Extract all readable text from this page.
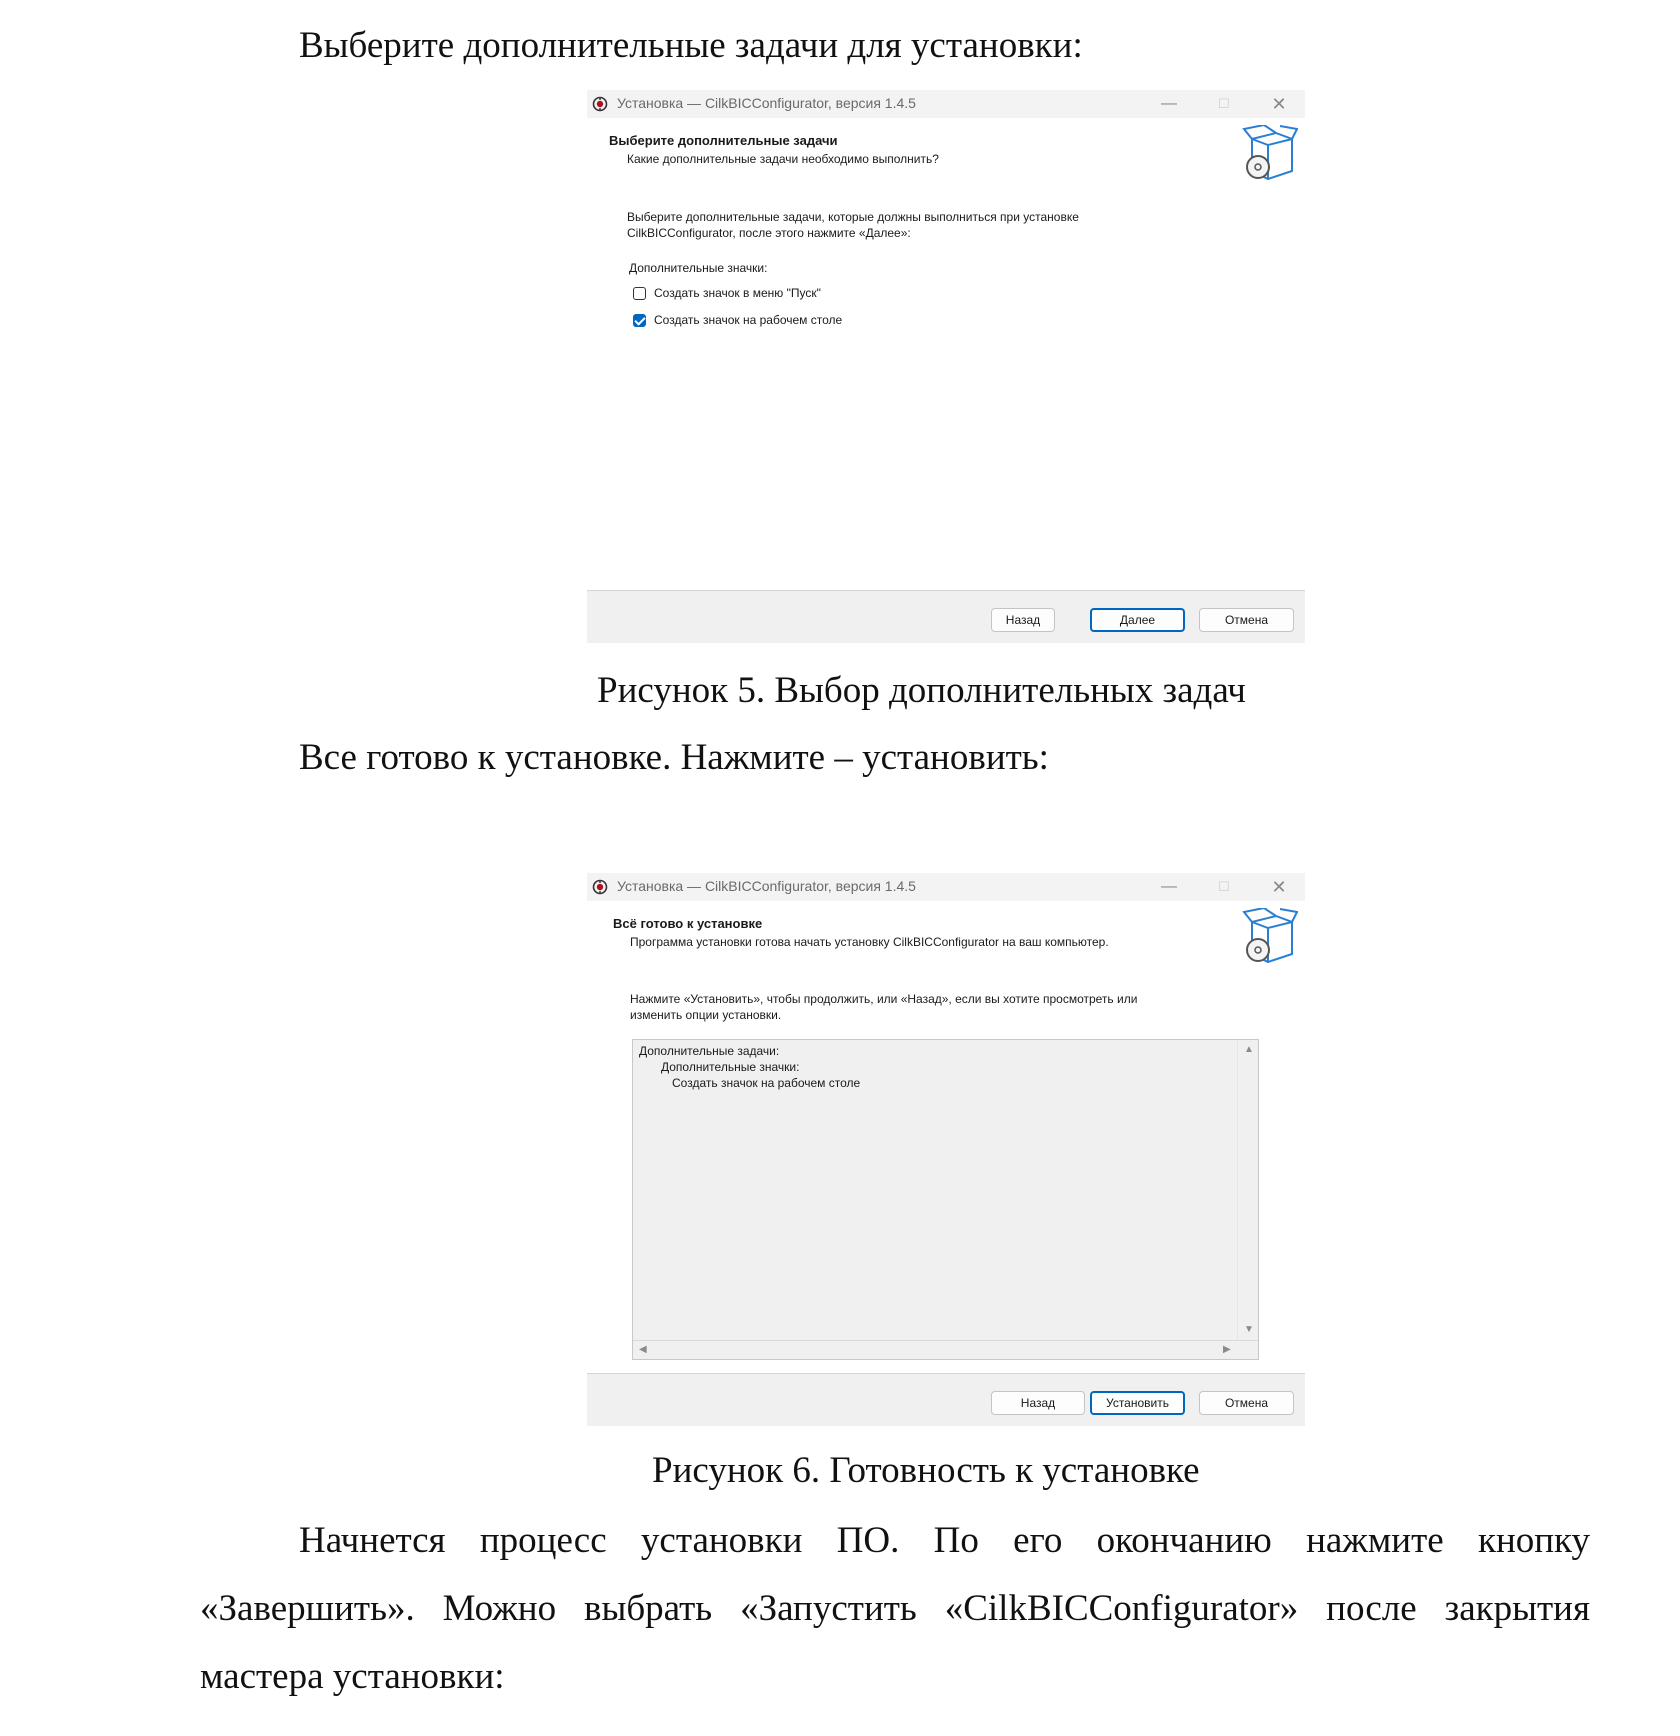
Выберите дополнительные задачи для установки:
Установка — CilkBICConfigurator, версия 1.4.5	—	☐	✕
Выберите дополнительные задачи
Какие дополнительные задачи необходимо выполнить?
Выберите дополнительные задачи, которые должны выполниться при установке
CilkBICConfigurator, после этого нажмите «Далее»:
Дополнительные значки:
Создать значок в меню "Пуск"
Создать значок на рабочем столе
Назад	Далее	Отмена
Рисунок 5. Выбор дополнительных задач
Все готово к установке. Нажмите – установить:
Установка — CilkBICConfigurator, версия 1.4.5	—	☐	✕
Всё готово к установке
Программа установки готова начать установку CilkBICConfigurator на ваш компьютер.
Нажмите «Установить», чтобы продолжить, или «Назад», если вы хотите просмотреть или
изменить опции установки.
Дополнительные задачи:
Дополнительные значки:
Создать значок на рабочем столе
▲
▼
◀	▶
Назад	Установить	Отмена
Рисунок 6. Готовность к установке
Начнется процесс установки ПО. По его окончанию нажмите кнопку
«Завершить». Можно выбрать «Запустить «CilkBICConfigurator» после закрытия
мастера установки:
